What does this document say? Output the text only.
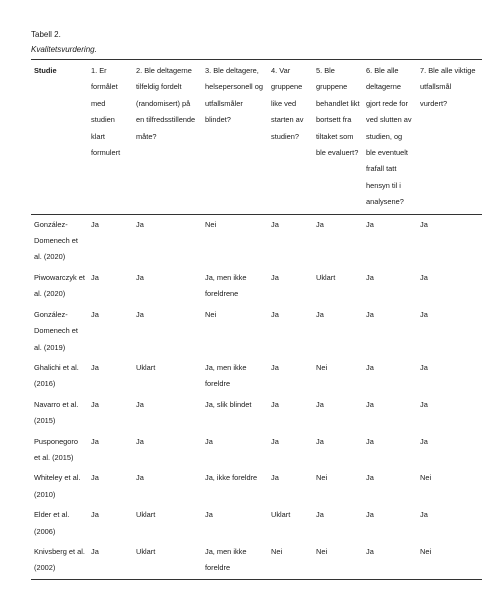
Tabell 2.
Kvalitetsvurdering.
Studie	1. Er formålet med studien klart formulert	2. Ble deltagerne tilfeldig fordelt (randomisert) på en tilfredsstillende måte?	3. Ble deltagere, helsepersonell og utfallsmåler blindet?	4. Var gruppene like ved starten av studien?	5. Ble gruppene behandlet likt bortsett fra tiltaket som ble evaluert?	6. Ble alle deltagerne gjort rede for ved slutten av studien, og ble eventuelt frafall tatt hensyn til i analysene?	7. Ble alle viktige utfallsmål vurdert?
González-Domenech et al. (2020)	Ja	Ja	Nei	Ja	Ja	Ja	Ja
Piwowarczyk et al. (2020)	Ja	Ja	Ja, men ikke foreldrene	Ja	Uklart	Ja	Ja
González-Domenech et al. (2019)	Ja	Ja	Nei	Ja	Ja	Ja	Ja
Ghalichi et al. (2016)	Ja	Uklart	Ja, men ikke foreldre	Ja	Nei	Ja	Ja
Navarro et al. (2015)	Ja	Ja	Ja, slik blindet	Ja	Ja	Ja	Ja
Pusponegoro et al. (2015)	Ja	Ja	Ja	Ja	Ja	Ja	Ja
Whiteley et al. (2010)	Ja	Ja	Ja, ikke foreldre	Ja	Nei	Ja	Nei
Elder et al. (2006)	Ja	Uklart	Ja	Uklart	Ja	Ja	Ja
Knivsberg et al. (2002)	Ja	Uklart	Ja, men ikke foreldre	Nei	Nei	Ja	Nei
